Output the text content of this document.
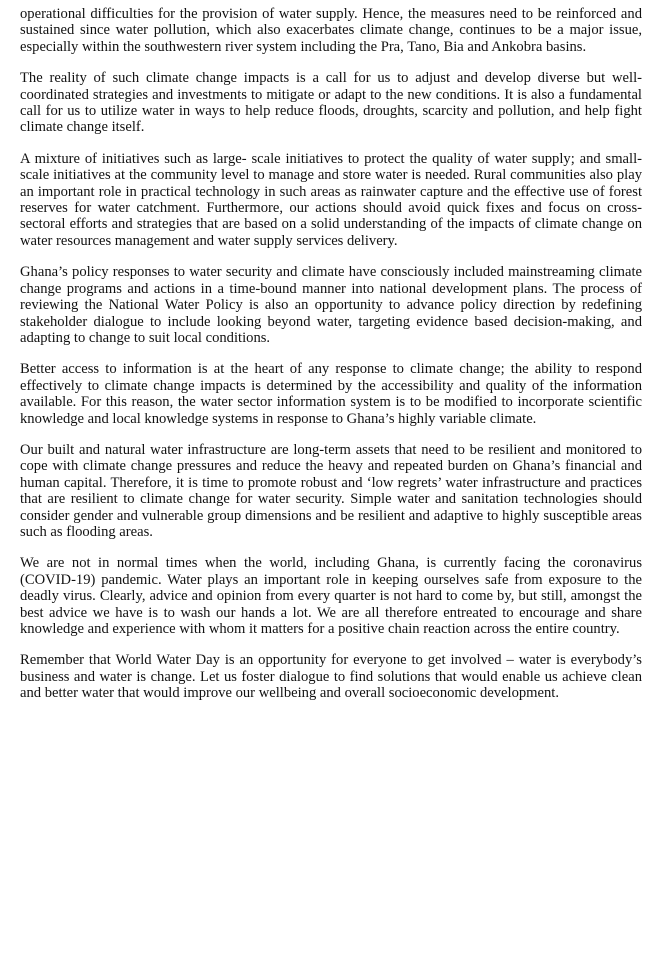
operational difficulties for the provision of water supply. Hence, the measures need to be reinforced and sustained since water pollution, which also exacerbates climate change, continues to be a major issue, especially within the southwestern river system including the Pra, Tano, Bia and Ankobra basins.

The reality of such climate change impacts is a call for us to adjust and develop diverse but well-coordinated strategies and investments to mitigate or adapt to the new conditions. It is also a fundamental call for us to utilize water in ways to help reduce floods, droughts, scarcity and pollution, and help fight climate change itself.

A mixture of initiatives such as large- scale initiatives to protect the quality of water supply; and small-scale initiatives at the community level to manage and store water is needed. Rural communities also play an important role in practical technology in such areas as rainwater capture and the effective use of forest reserves for water catchment. Furthermore, our actions should avoid quick fixes and focus on cross-sectoral efforts and strategies that are based on a solid understanding of the impacts of climate change on water resources management and water supply services delivery.

Ghana’s policy responses to water security and climate have consciously included mainstreaming climate change programs and actions in a time-bound manner into national development plans. The process of reviewing the National Water Policy is also an opportunity to advance policy direction by redefining stakeholder dialogue to include looking beyond water, targeting evidence based decision-making, and adapting to change to suit local conditions.

Better access to information is at the heart of any response to climate change; the ability to respond effectively to climate change impacts is determined by the accessibility and quality of the information available. For this reason, the water sector information system is to be modified to incorporate scientific knowledge and local knowledge systems in response to Ghana’s highly variable climate.

Our built and natural water infrastructure are long-term assets that need to be resilient and monitored to cope with climate change pressures and reduce the heavy and repeated burden on Ghana’s financial and human capital. Therefore, it is time to promote robust and ‘low regrets’ water infrastructure and practices that are resilient to climate change for water security. Simple water and sanitation technologies should consider gender and vulnerable group dimensions and be resilient and adaptive to highly susceptible areas such as flooding areas.

We are not in normal times when the world, including Ghana, is currently facing the coronavirus (COVID-19) pandemic. Water plays an important role in keeping ourselves safe from exposure to the deadly virus. Clearly, advice and opinion from every quarter is not hard to come by, but still, amongst the best advice we have is to wash our hands a lot. We are all therefore entreated to encourage and share knowledge and experience with whom it matters for a positive chain reaction across the entire country.

Remember that World Water Day is an opportunity for everyone to get involved – water is everybody’s business and water is change. Let us foster dialogue to find solutions that would enable us achieve clean and better water that would improve our wellbeing and overall socioeconomic development.
